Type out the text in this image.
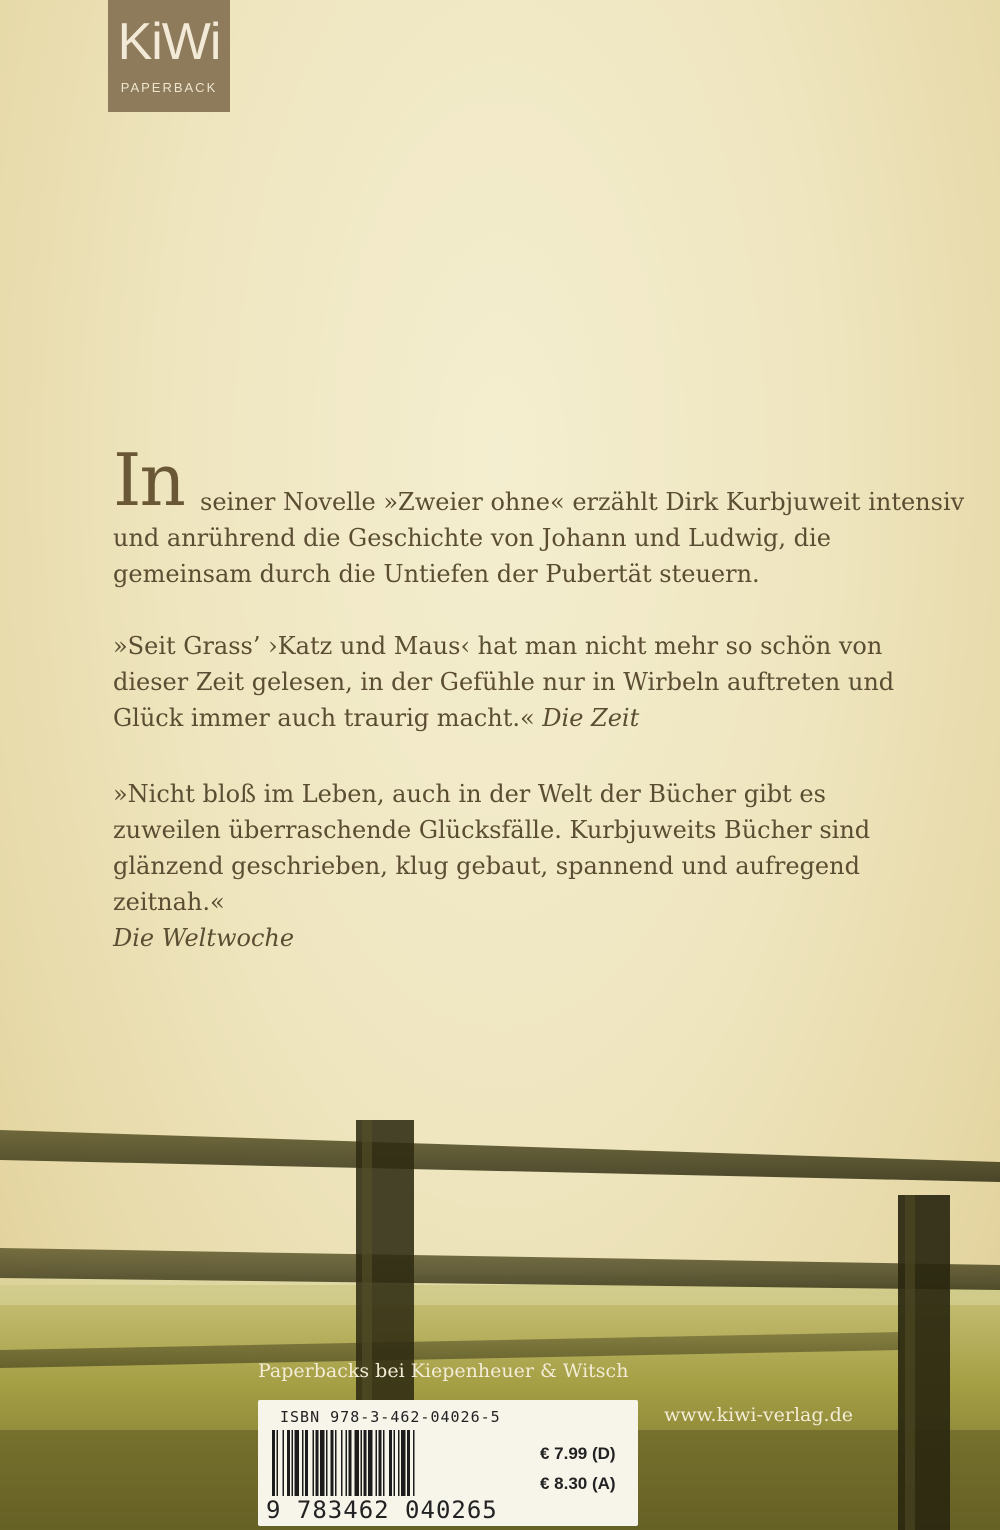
KiWi
PAPERBACK
In seiner Novelle »Zweier ohne« erzählt Dirk Kurbjuweit intensiv
und anrührend die Geschichte von Johann und Ludwig, die gemeinsam durch die Untiefen der Pubertät steuern.
»Seit Grass’ ›Katz und Maus‹ hat man nicht mehr so schön von dieser Zeit gelesen, in der Gefühle nur in Wirbeln auftreten und Glück immer auch traurig macht.« Die Zeit
»Nicht bloß im Leben, auch in der Welt der Bücher gibt es zuweilen überraschende Glücksfälle. Kurbjuweits Bücher sind glänzend geschrieben, klug gebaut, spannend und aufregend zeitnah.«
Die Weltwoche
Paperbacks bei Kiepenheuer & Witsch
www.kiwi-verlag.de
ISBN 978-3-462-04026-5
9 783462 040265
€ 7.99 (D)
€ 8.30 (A)
